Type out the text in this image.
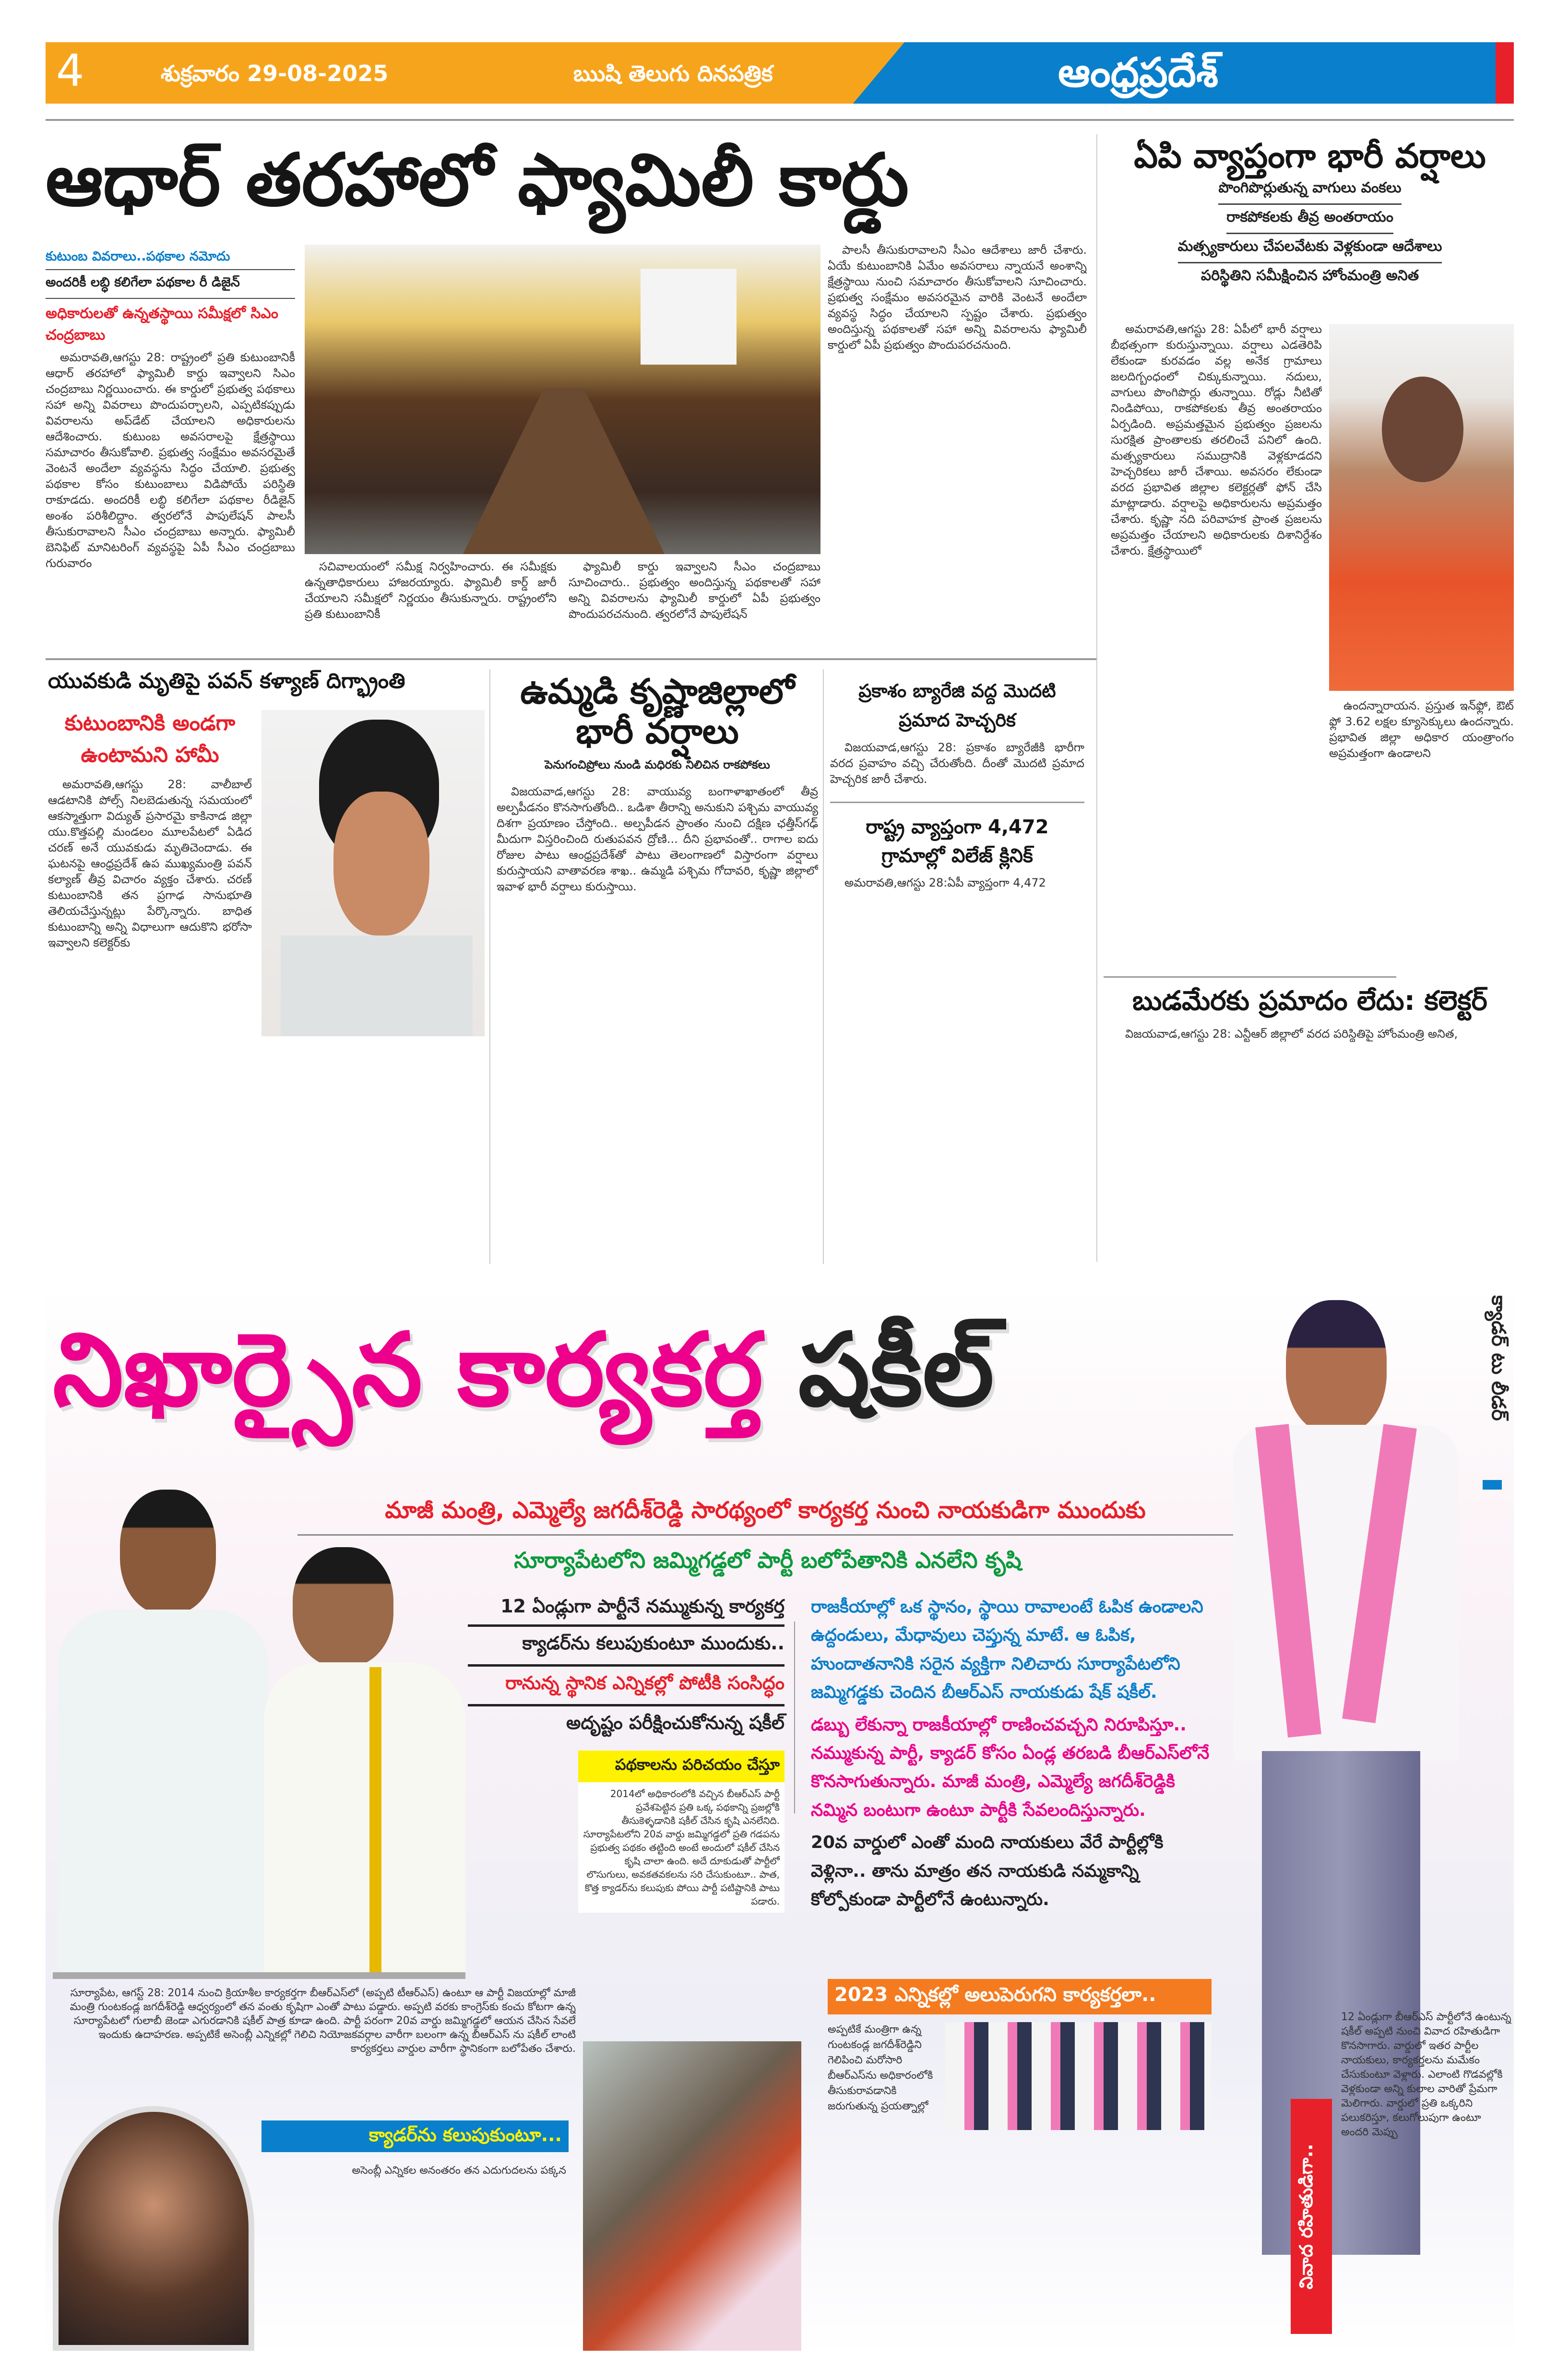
4	శుక్రవారం 29-08-2025	ఋషి తెలుగు దినపత్రిక	ఆంధ్రప్రదేశ్
ఆధార్ తరహాలో ఫ్యామిలీ కార్డు
కుటుంబ వివరాలు..పథకాల నమోదు
అందరికీ లబ్ధి కలిగేలా పథకాల రీ డిజైన్
అధికారులతో ఉన్నతస్థాయి సమీక్షలో సిఎం చంద్రబాబు

అమరావతి,ఆగస్టు 28: రాష్ట్రంలో ప్రతి కుటుంబానికీ ఆధార్ తరహాలో ఫ్యామిలీ కార్డు ఇవ్వాలని సిఎం చంద్రబాబు నిర్ణయించారు. ఈ కార్డులో ప్రభుత్వ పథకాలు సహా అన్ని వివరాలు పొందుపర్చాలని, ఎప్పటికప్పుడు వివరాలను అప్‌డేట్ చేయాలని అధికారులను ఆదేశించారు. కుటుంబ అవసరాలపై క్షేత్రస్థాయి సమాచారం తీసుకోవాలి. ప్రభుత్వ సంక్షేమం అవసరమైతే వెంటనే అందేలా వ్యవస్థను సిద్ధం చేయాలి. ప్రభుత్వ పథకాల కోసం కుటుంబాలు విడిపోయే పరిస్థితి రాకూడదు. అందరికీ లబ్ధి కలిగేలా పథకాల రీడిజైన్ అంశం పరిశీలిద్దాం. త్వరలోనే పాపులేషన్ పాలసీ తీసుకురావాలని సీఎం చంద్రబాబు అన్నారు. ఫ్యామిలీ బెనిఫిట్ మానిటరింగ్ వ్యవస్థపై ఏపీ సీఎం చంద్రబాబు గురువారం	సచివాలయంలో సమీక్ష నిర్వహించారు. ఈ సమీక్షకు ఉన్నతాధికారులు హాజరయ్యారు. ఫ్యామిలీ కార్డ్ జారీ చేయాలని సమీక్షలో నిర్ణయం తీసుకున్నారు. రాష్ట్రంలోని ప్రతి కుటుంబానికీ

ఫ్యామిలీ కార్డు ఇవ్వాలని సీఎం చంద్రబాబు సూచించారు.. ప్రభుత్వం అందిస్తున్న పథకాలతో సహా అన్ని వివరాలను ఫ్యామిలీ కార్డులో ఏపీ ప్రభుత్వం పొందుపరచనుంది. త్వరలోనే పాపులేషన్

పాలసీ తీసుకురావాలని సీఎం ఆదేశాలు జారీ చేశారు. ఏయే కుటుంబానికి ఏమేం అవసరాలు న్నాయనే అంశాన్ని క్షేత్రస్థాయి నుంచి సమాచారం తీసుకోవాలని సూచించారు. ప్రభుత్వ సంక్షేమం అవసరమైన వారికి వెంటనే అందేలా వ్యవస్థ సిద్ధం చేయాలని స్పష్టం చేశారు. ప్రభుత్వం అందిస్తున్న పథకాలతో సహా అన్ని వివరాలను ఫ్యామిలీ కార్డులో ఏపీ ప్రభుత్వం పొందుపరచనుంది.

ఏపి వ్యాప్తంగా భారీ వర్షాలు
పొంగిపొర్లుతున్న వాగులు వంకలు
రాకపోకలకు తీవ్ర అంతరాయం
మత్స్యకారులు చేపలవేటకు వెళ్లకుండా ఆదేశాలు
పరిస్థితిని సమీక్షించిన హోంమంత్రి అనిత

అమరావతి,ఆగస్టు 28: ఏపీలో భారీ వర్షాలు బీభత్సంగా కురుస్తున్నాయి. వర్షాలు ఎడతెరిపి లేకుండా కురవడం వల్ల అనేక గ్రామాలు జలదిగ్బంధంలో చిక్కుకున్నాయి. నదులు, వాగులు పొంగిపొర్లు తున్నాయి. రోడ్లు నీటితో నిండిపోయి, రాకపోకలకు తీవ్ర అంతరాయం ఏర్పడింది. అప్రమత్తమైన ప్రభుత్వం ప్రజలను సురక్షిత ప్రాంతాలకు తరలించే పనిలో ఉంది. మత్స్యకారులు సముద్రానికి వెళ్లకూడదని హెచ్చరికలు జారీ చేశాయి. అవసరం లేకుండా వరద ప్రభావిత జిల్లాల కలెక్టర్లతో ఫోన్ చేసి మాట్లాడారు. వర్షాలపై అధికారులను అప్రమత్తం చేశారు. కృష్ణా నది పరివాహక ప్రాంత ప్రజలను అప్రమత్తం చేయాలని అధికారులకు దిశానిర్దేశం చేశారు. క్షేత్రస్థాయిలో

ఉందన్నారాయన. ప్రస్తుత ఇన్‌ఫ్లో, ఔట్ ఫ్లో 3.62 లక్షల క్యూసెక్కులు ఉందన్నారు. ప్రభావిత జిల్లా అధికార యంత్రాంగం అప్రమత్తంగా ఉండాలని

బుడమేరకు ప్రమాదం లేదు: కలెక్టర్

విజయవాడ,ఆగస్టు 28: ఎన్టీఆర్ జిల్లాలో వరద పరిస్థితిపై హోంమంత్రి అనిత,

యువకుడి మృతిపై పవన్ కళ్యాణ్ దిగ్భ్రాంతి
కుటుంబానికి అండగా ఉంటామని హామీ

అమరావతి,ఆగస్టు 28: వాలీబాల్ ఆడటానికి పోల్స్ నిలబెడుతున్న సమయంలో ఆకస్మాత్తుగా విద్యుత్ ప్రసారమై కాకినాడ జిల్లా యు.కొత్తపల్లి మండలం మూలపేటలో ఏడిద చరణ్ అనే యువకుడు మృతిచెందాడు. ఈ ఘటనపై ఆంధ్రప్రదేశ్ ఉప ముఖ్యమంత్రి పవన్ కల్యాణ్ తీవ్ర విచారం వ్యక్తం చేశారు. చరణ్ కుటుంబానికి తన ప్రగాఢ సానుభూతి తెలియచేస్తున్నట్లు పేర్కొన్నారు. బాధిత కుటుంబాన్ని అన్ని విధాలుగా ఆదుకొని భరోసా ఇవ్వాలని కలెక్టర్‌కు

ఉమ్మడి కృష్ణాజిల్లాలో భారీ వర్షాలు
పెనుగంచిప్రోలు నుండి మధిరకు నిలిచిన రాకపోకలు

విజయవాడ,ఆగస్టు 28: వాయువ్య బంగాళాఖాతంలో తీవ్ర అల్పపీడనం కొనసాగుతోంది.. ఒడిశా తీరాన్ని అనుకుని పశ్చిమ వాయువ్య దిశగా ప్రయాణం చేస్తోంది.. అల్పపీడన ప్రాంతం నుంచి దక్షిణ ఛత్తీస్‌గఢ్ మీదుగా విస్తరించింది రుతుపవన ద్రోణి... దీని ప్రభావంతో.. రాగాల ఐదు రోజుల పాటు ఆంధ్రప్రదేశ్‌తో పాటు తెలంగాణలో విస్తారంగా వర్షాలు కురుస్తాయని వాతావరణ శాఖ.. ఉమ్మడి పశ్చిమ గోదావరి, కృష్ణా జిల్లాలో ఇవాళ భారీ వర్షాలు కురుస్తాయి.

ప్రకాశం బ్యారేజి వద్ద మొదటి ప్రమాద హెచ్చరిక

విజయవాడ,ఆగస్టు 28: ప్రకాశం బ్యారేజీకి భారీగా వరద ప్రవాహం వచ్చి చేరుతోంది. దీంతో మొదటి ప్రమాద హెచ్చరిక జారీ చేశారు.

రాష్ట్ర వ్యాప్తంగా 4,472 గ్రామాల్లో విలేజ్ క్లినిక్

అమరావతి,ఆగస్టు 28:ఏపీ వ్యాప్తంగా 4,472

క్యాడర్ టు లీడర్
నిఖార్సైన కార్యకర్త షకీల్
మాజీ మంత్రి, ఎమ్మెల్యే జగదీశ్‌రెడ్డి సారథ్యంలో కార్యకర్త నుంచి నాయకుడిగా ముందుకు
సూర్యాపేటలోని జమ్మిగడ్డలో పార్టీ బలోపేతానికి ఎనలేని కృషి
12 ఏండ్లుగా పార్టీనే నమ్ముకున్న కార్యకర్త
క్యాడర్‌ను కలుపుకుంటూ ముందుకు..
రానున్న స్థానిక ఎన్నికల్లో పోటీకి సంసిద్ధం
అదృష్టం పరీక్షించుకోనున్న షకీల్
పథకాలను పరిచయం చేస్తూ
2014లో అధికారంలోకి వచ్చిన బీఆర్‌ఎస్ పార్టీ ప్రవేశపెట్టిన ప్రతి ఒక్క పథకాన్ని ప్రజల్లోకి తీసుకెళ్ళడానికి షకీల్ చేసిన కృషి ఎనలేనిది. సూర్యాపేటలోని 20వ వార్డు జమ్మిగడ్డలో ప్రతి గడపను ప్రభుత్వ పథకం తట్టింది అంటే అందులో షకీల్ చేసిన కృషి చాలా ఉంది. అదే దూకుడుతో పార్టీలో లొసుగులు, అవకతవకలను సరి చేసుకుంటూ.. పాత, కొత్త క్యాడర్‌ను కలుపుకు పోయి పార్టీ పటిష్టానికి పాటు పడారు.
రాజకీయాల్లో ఒక స్థానం, స్థాయి రావాలంటే ఓపిక ఉండాలని ఉద్దండులు, మేధావులు చెప్తున్న మాటే. ఆ ఓపిక, హుందాతనానికి సరైన వ్యక్తిగా నిలిచారు సూర్యాపేటలోని జమ్మిగడ్డకు చెందిన బీఆర్‌ఎస్ నాయకుడు షేక్ షకీల్.
డబ్బు లేకున్నా రాజకీయాల్లో రాణించవచ్చని నిరూపిస్తూ.. నమ్ముకున్న పార్టీ, క్యాడర్ కోసం ఏండ్ల తరబడి బీఆర్‌ఎస్‌లోనే కొనసాగుతున్నారు. మాజీ మంత్రి, ఎమ్మెల్యే జగదీశ్‌రెడ్డికి నమ్మిన బంటుగా ఉంటూ పార్టీకి సేవలందిస్తున్నారు.
20వ వార్డులో ఎంతో మంది నాయకులు వేరే పార్టీల్లోకి వెళ్లినా.. తాను మాత్రం తన నాయకుడి నమ్మకాన్ని కోల్పోకుండా పార్టీలోనే ఉంటున్నారు.
సూర్యాపేట, ఆగస్ట్ 28: 2014 నుంచి క్రియాశీల కార్యకర్తగా బీఆర్‌ఎస్‌లో (అప్పటి టీఆర్‌ఎస్) ఉంటూ ఆ పార్టీ విజయాల్లో మాజీ మంత్రి గుంటకండ్ల జగదీశ్‌రెడ్డి ఆధ్వర్యంలో తన వంతు కృషిగా ఎంతో పాటు పడ్డారు. అప్పటి వరకు కాంగ్రెస్‌కు కంచు కోటగా ఉన్న సూర్యాపేటలో గులాబీ జెండా ఎగురడానికి షకీల్ పాత్ర కూడా ఉంది. పార్టీ పరంగా 20వ వార్డు జమ్మిగడ్డలో ఆయన చేసిన సేవలే ఇందుకు ఉదాహరణ. అప్పటికే అసెంబ్లీ ఎన్నికల్లో గెలిచి నియోజకవర్గాల వారీగా బలంగా ఉన్న బీఆర్‌ఎస్ ను షకీల్ లాంటి కార్యకర్తలు వార్డుల వారీగా స్థానికంగా బలోపేతం చేశారు.
క్యాడర్‌ను కలుపుకుంటూ...
అసెంబ్లీ ఎన్నికల అనంతరం తన ఎదుగుదలను పక్కన
2023 ఎన్నికల్లో అలుపెరుగని కార్యకర్తలా..
అప్పటికే మంత్రిగా ఉన్న గుంటకండ్ల జగదీశ్‌రెడ్డిని గెలిపించి మరోసారి బీఆర్‌ఎస్‌ను అధికారంలోకి తీసుకురావడానికి జరుగుతున్న ప్రయత్నాల్లో
వివాద రహితుడిగా..
12 ఏండ్లుగా బీఆర్‌ఎస్ పార్టీలోనే ఉంటున్న షకీల్ అప్పటి నుంచి వివాద రహితుడిగా కొనసాగారు. వార్డులో ఇతర పార్టీల నాయకులు, కార్యకర్తలను మమేకం చేసుకుంటూ వెళ్లారు. ఎలాంటి గొడవల్లోకి వెళ్లకుండా అన్ని కులాల వారితో ప్రేమగా మెలిగారు. వార్డులో ప్రతి ఒక్కరిని పలుకరిస్తూ, కలుగోలుపుగా ఉంటూ అందరి మెప్పు
